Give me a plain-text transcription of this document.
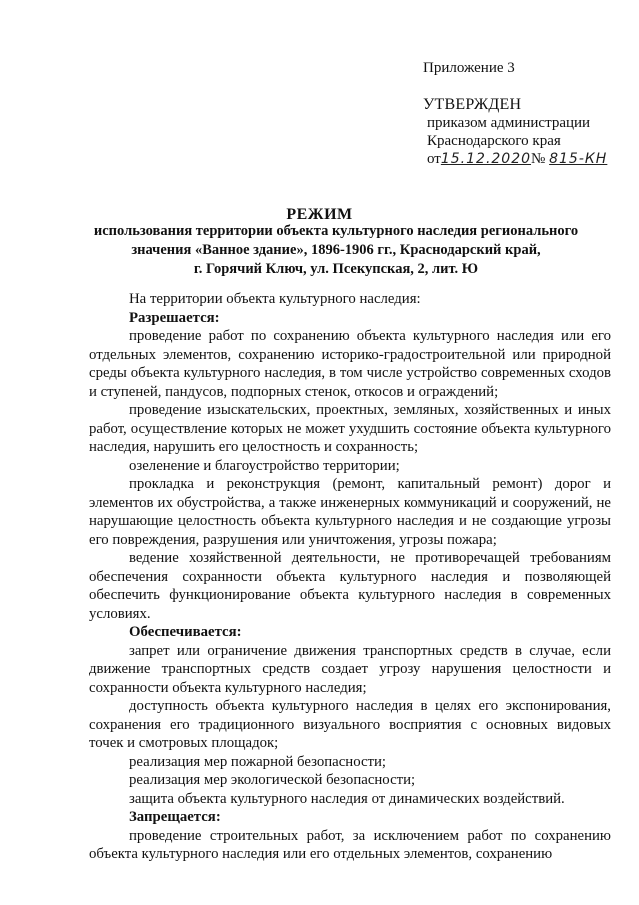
Приложение 3
УТВЕРЖДЕН
приказом администрации
Краснодарского края
от15.12.2020№ 815-КН
РЕЖИМ
использования территории объекта культурного наследия регионального
значения «Ванное здание», 1896-1906 гг., Краснодарский край,
г. Горячий Ключ, ул. Псекупская, 2, лит. Ю

На территории объекта культурного наследия:

Разрешается:

проведение работ по сохранению объекта культурного наследия или его отдельных элементов, сохранению историко-градостроительной или природной среды объекта культурного наследия, в том числе устройство современных сходов и ступеней, пандусов, подпорных стенок, откосов и ограждений;

проведение изыскательских, проектных, земляных, хозяйственных и иных работ, осуществление которых не может ухудшить состояние объекта культурного наследия, нарушить его целостность и сохранность;

озеленение и благоустройство территории;

прокладка и реконструкция (ремонт, капитальный ремонт) дорог и элементов их обустройства, а также инженерных коммуникаций и сооружений, не нарушающие целостность объекта культурного наследия и не создающие угрозы его повреждения, разрушения или уничтожения, угрозы пожара;

ведение хозяйственной деятельности, не противоречащей требованиям обеспечения сохранности объекта культурного наследия и позволяющей обеспечить функционирование объекта культурного наследия в современных условиях.

Обеспечивается:

запрет или ограничение движения транспортных средств в случае, если движение транспортных средств создает угрозу нарушения целостности и сохранности объекта культурного наследия;

доступность объекта культурного наследия в целях его экспонирования, сохранения его традиционного визуального восприятия с основных видовых точек и смотровых площадок;

реализация мер пожарной безопасности;

реализация мер экологической безопасности;

защита объекта культурного наследия от динамических воздействий.

Запрещается:

проведение строительных работ, за исключением работ по сохранению объекта культурного наследия или его отдельных элементов, сохранению
